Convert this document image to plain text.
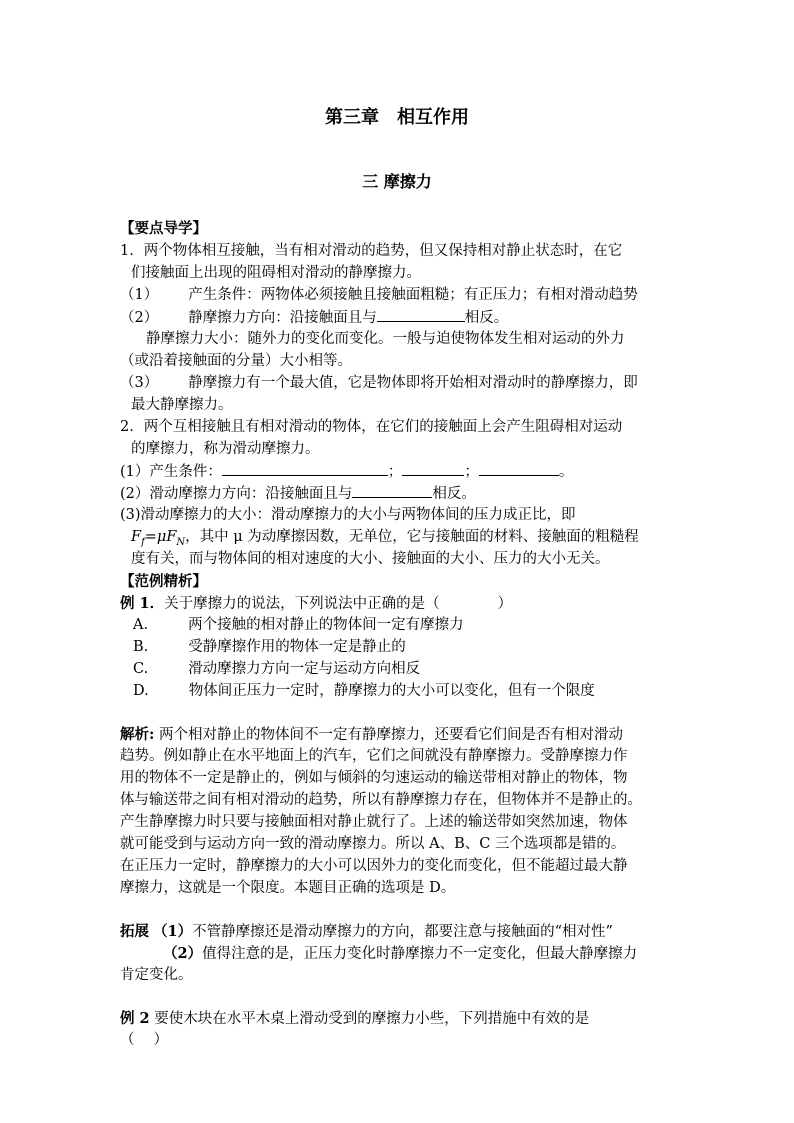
第三章　相互作用
三 摩擦力
【要点导学】
1．两个物体相互接触，当有相对滑动的趋势，但又保持相对静止状态时，在它
们接触面上出现的阻碍相对滑动的静摩擦力。
（1） 产生条件：两物体必须接触且接触面粗糙；有正压力；有相对滑动趋势
（2） 静摩擦力方向：沿接触面且与	相反。
静摩擦力大小：随外力的变化而变化。一般与迫使物体发生相对运动的外力
（或沿着接触面的分量）大小相等。
（3） 静摩擦力有一个最大值，它是物体即将开始相对滑动时的静摩擦力，即
最大静摩擦力。
2．两个互相接触且有相对滑动的物体，在它们的接触面上会产生阻碍相对运动
的摩擦力，称为滑动摩擦力。
(1）产生条件：	；	；	。
(2）滑动摩擦力方向：沿接触面且与	相反。
(3)滑动摩擦力的大小：滑动摩擦力的大小与两物体间的压力成正比，即
$F_f=\mu F_N$，其中 μ 为动摩擦因数，无单位，它与接触面的材料、接触面的粗糙程
度有关，而与物体间的相对速度的大小、接触面的大小、压力的大小无关。
【范例精析】
例 1．关于摩擦力的说法，下列说法中正确的是（　　　　）
A.	两个接触的相对静止的物体间一定有摩擦力
B.	受静摩擦作用的物体一定是静止的
C.	滑动摩擦力方向一定与运动方向相反
D.	物体间正压力一定时，静摩擦力的大小可以变化，但有一个限度
解析: 两个相对静止的物体间不一定有静摩擦力，还要看它们间是否有相对滑动
趋势。例如静止在水平地面上的汽车，它们之间就没有静摩擦力。受静摩擦力作
用的物体不一定是静止的，例如与倾斜的匀速运动的输送带相对静止的物体，物
体与输送带之间有相对滑动的趋势，所以有静摩擦力存在，但物体并不是静止的。
产生静摩擦力时只要与接触面相对静止就行了。上述的输送带如突然加速，物体
就可能受到与运动方向一致的滑动摩擦力。所以 A、B、C 三个选项都是错的。
在正压力一定时，静摩擦力的大小可以因外力的变化而变化，但不能超过最大静
摩擦力，这就是一个限度。本题目正确的选项是 D。
拓展 （1）不管静摩擦还是滑动摩擦力的方向，都要注意与接触面的“相对性”
（2）值得注意的是，正压力变化时静摩擦力不一定变化，但最大静摩擦力
肯定变化。
例 2 要使木块在水平木桌上滑动受到的摩擦力小些，下列措施中有效的是
（　 ）
